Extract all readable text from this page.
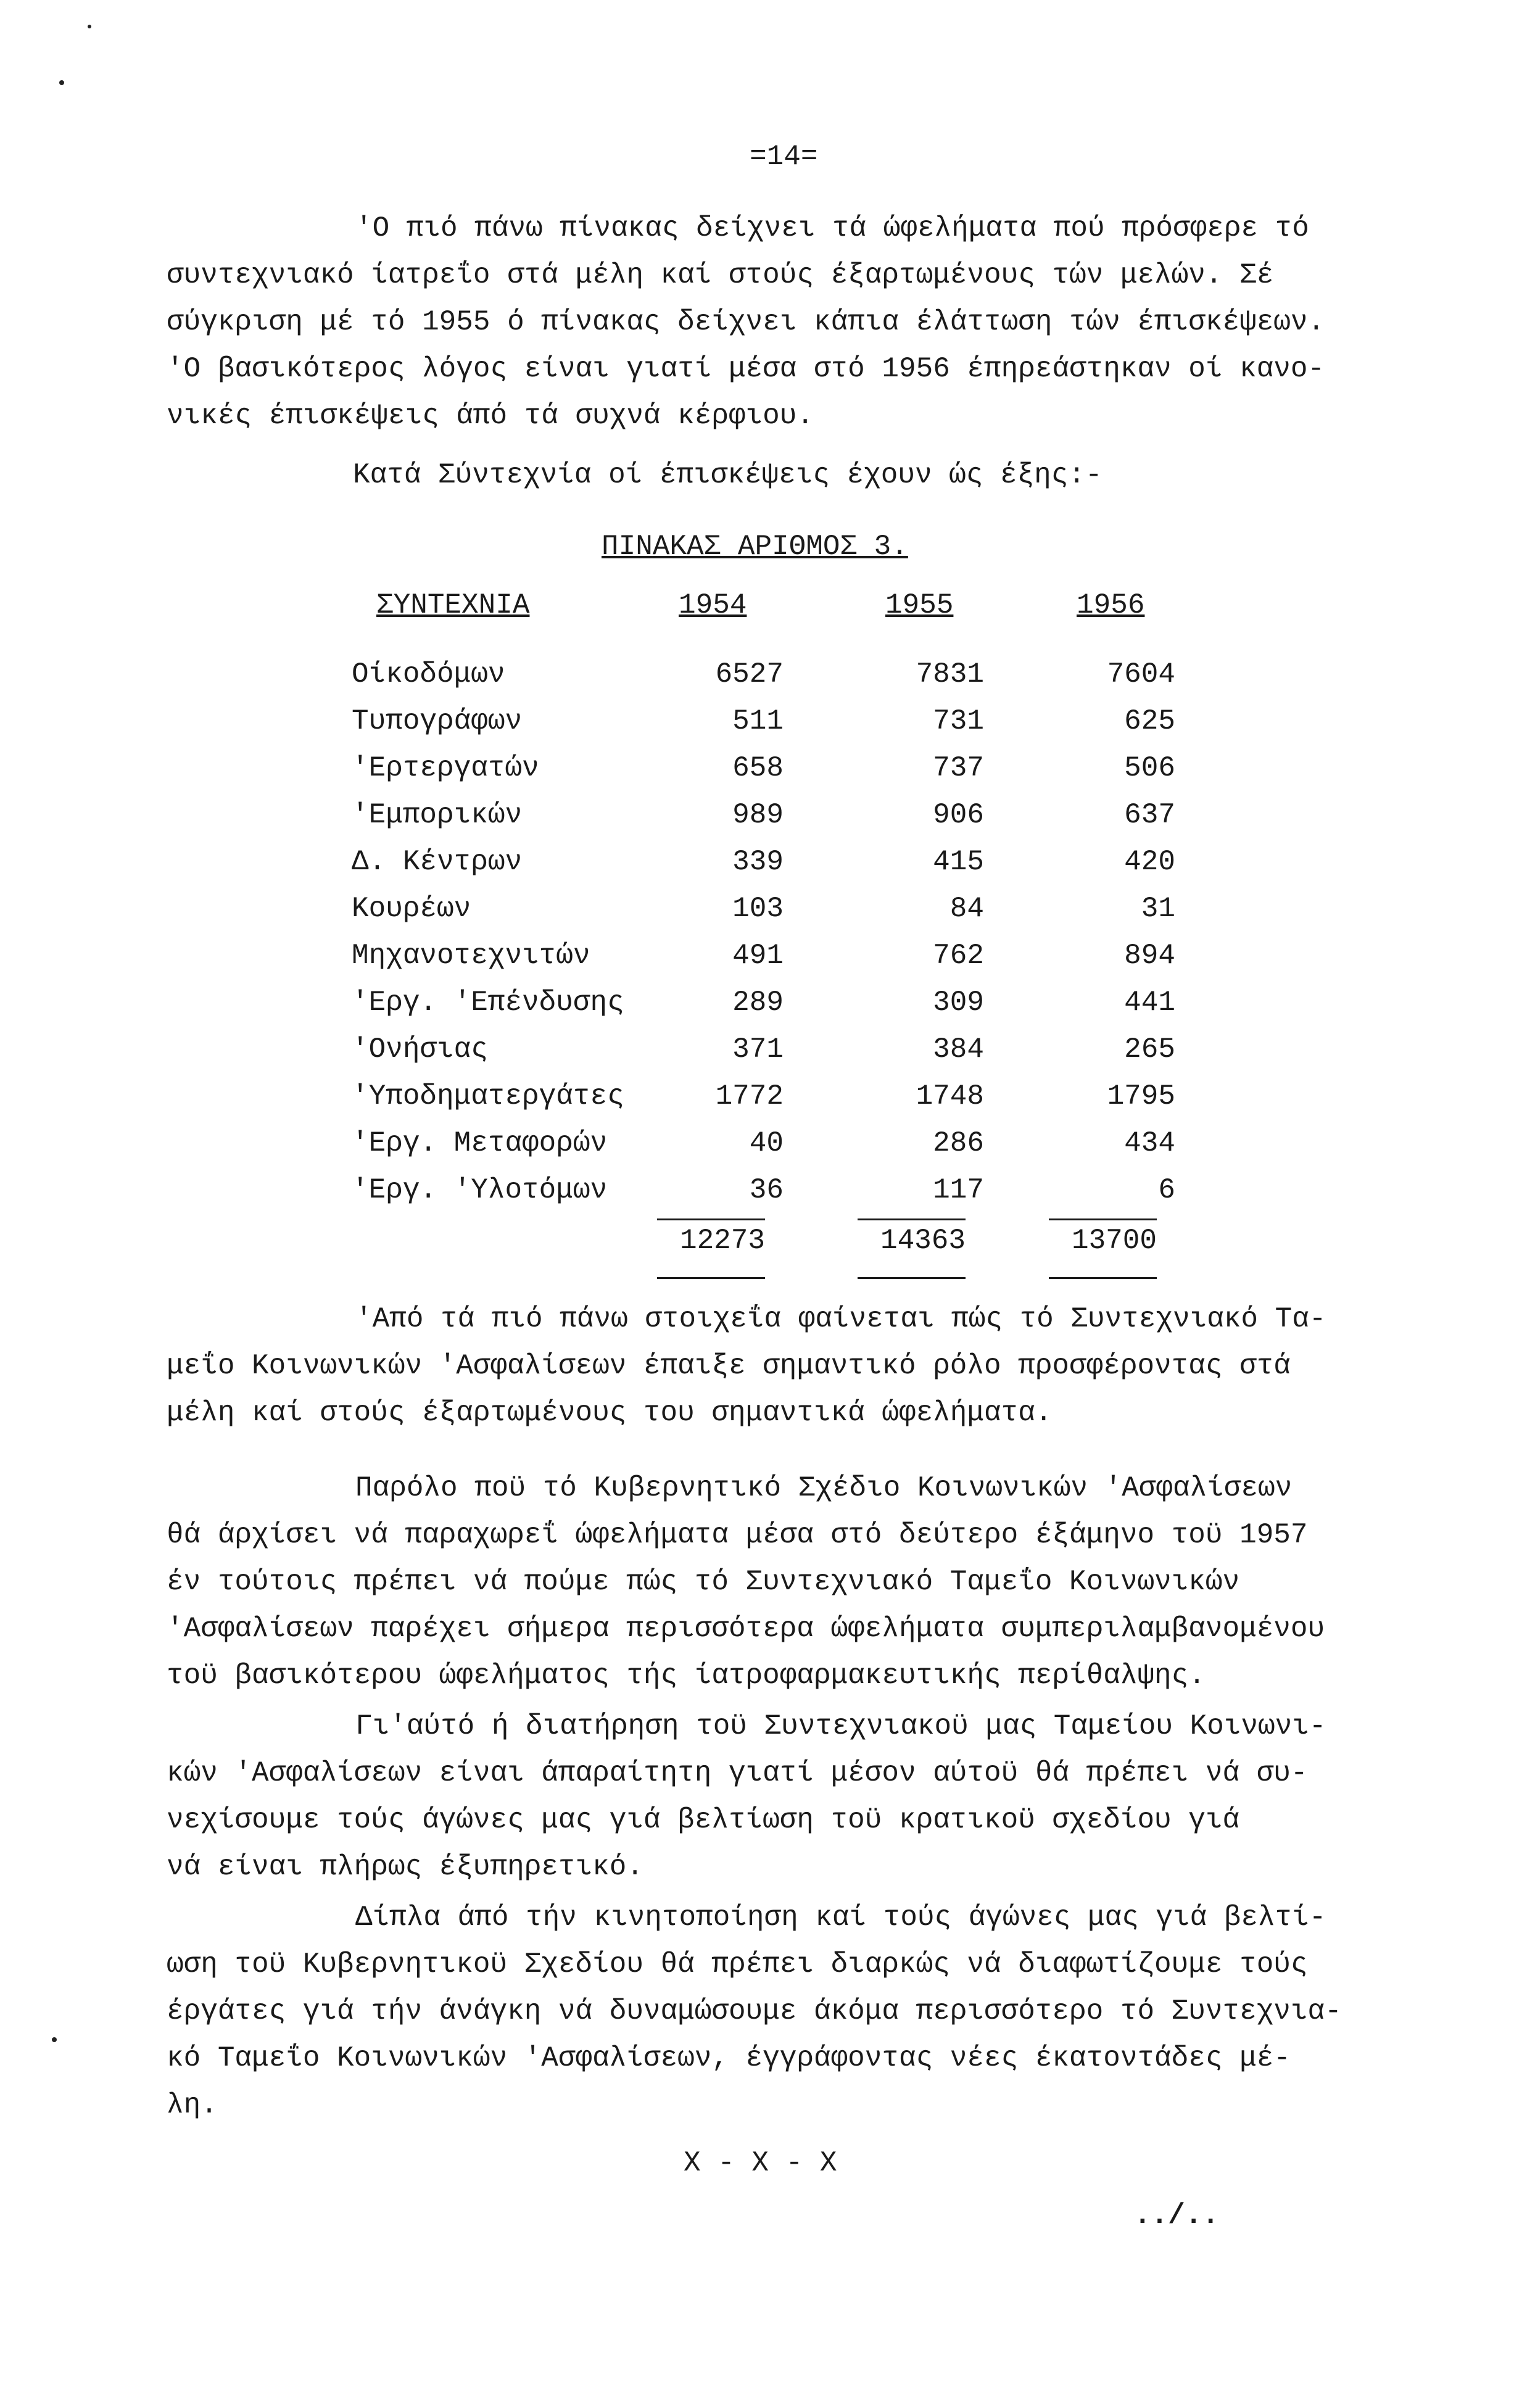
=14=
'Ο πιό πάνω πίνακας δείχνει τά ώφελήματα πού πρόσφερε τό
συντεχνιακό ίατρεΐο στά μέλη καί στούς έξαρτωμένους τών μελών. Σέ
σύγκριση μέ τό 1955 ό πίνακας δείχνει κάπια έλάττωση τών έπισκέψεων.
'Ο βασικότερος λόγος είναι γιατί μέσα στό 1956 έπηρεάστηκαν οί κανο-
νικές έπισκέψεις άπό τά συχνά κέρφιου.
Κατά Σύντεχνία οί έπισκέψεις έχουν ώς έξης:-
ΠΙΝΑΚΑΣ ΑΡΙΘΜΟΣ 3.
ΣΥΝΤΕΧΝΙΑ	1954	1955	1956
Οίκοδόμων	6527	7831	7604
Τυπογράφων	511	731	625
'Ερτεργατών	658	737	506
'Εμπορικών	989	906	637
Δ. Κέντρων	339	415	420
Κουρέων	103	84	31
Μηχανοτεχνιτών	491	762	894
'Εργ. 'Επένδυσης	289	309	441
'Ονήσιας	371	384	265
'Υποδηματεργάτες	1772	1748	1795
'Εργ. Μεταφορών	40	286	434
'Εργ. 'Υλοτόμων	36	117	6
12273	14363	13700
'Από τά πιό πάνω στοιχεΐα φαίνεται πώς τό Συντεχνιακό Τα-
μεΐο Κοινωνικών 'Ασφαλίσεων έπαιξε σημαντικό ρόλο προσφέροντας στά
μέλη καί στούς έξαρτωμένους του σημαντικά ώφελήματα.
Παρόλο ποϋ τό Κυβερνητικό Σχέδιο Κοινωνικών 'Ασφαλίσεων
θά άρχίσει νά παραχωρεΐ ώφελήματα μέσα στό δεύτερο έξάμηνο τοϋ 1957
έν τούτοις πρέπει νά πούμε πώς τό Συντεχνιακό Ταμεΐο Κοινωνικών
'Ασφαλίσεων παρέχει σήμερα περισσότερα ώφελήματα συμπεριλαμβανομένου
τοϋ βασικότερου ώφελήματος τής ίατροφαρμακευτικής περίθαλψης.
Γι'αύτό ή διατήρηση τοϋ Συντεχνιακοϋ μας Ταμείου Κοινωνι-
κών 'Ασφαλίσεων είναι άπαραίτητη γιατί μέσον αύτοϋ θά πρέπει νά συ-
νεχίσουμε τούς άγώνες μας γιά βελτίωση τοϋ κρατικοϋ σχεδίου γιά
νά είναι πλήρως έξυπηρετικό.
Δίπλα άπό τήν κινητοποίηση καί τούς άγώνες μας γιά βελτί-
ωση τοϋ Κυβερνητικοϋ Σχεδίου θά πρέπει διαρκώς νά διαφωτίζουμε τούς
έργάτες γιά τήν άνάγκη νά δυναμώσουμε άκόμα περισσότερο τό Συντεχνια-
κό Ταμεΐο Κοινωνικών 'Ασφαλίσεων, έγγράφοντας νέες έκατοντάδες μέ-
λη.
X - X - X
../..
